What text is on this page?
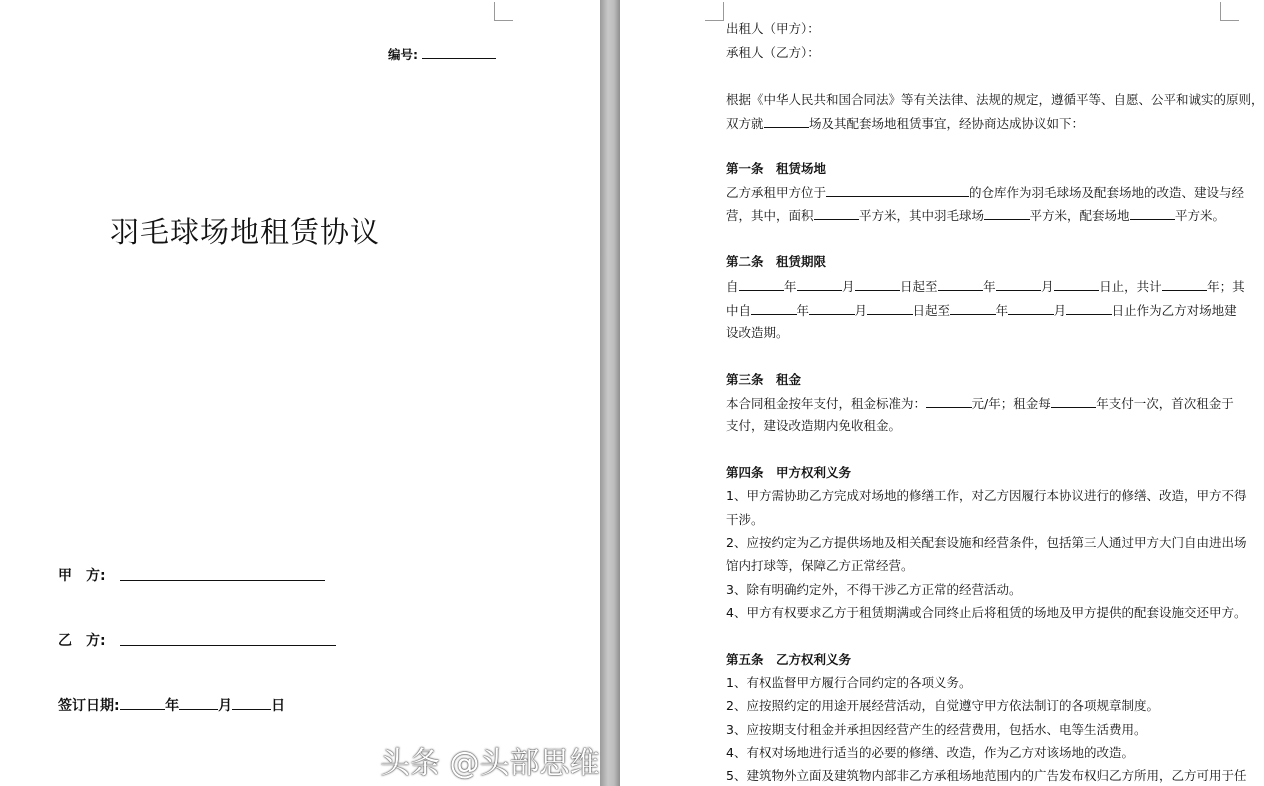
编号:
羽毛球场地租赁协议
甲　方:
乙　方:
签订日期:	年	月	日
出租人（甲方）：
承租人（乙方）：
根据《中华人民共和国合同法》等有关法律、法规的规定，遵循平等、自愿、公平和诚实的原则，
双方就	场及其配套场地租赁事宜，经协商达成协议如下：
第一条　租赁场地
乙方承租甲方位于	的仓库作为羽毛球场及配套场地的改造、建设与经
营，其中，面积	平方米，其中羽毛球场	平方米，配套场地	平方米。
第二条　租赁期限
自	年	月	日起至	年	月	日止，共计	年；其
中自	年	月	日起至	年	月	日止作为乙方对场地建
设改造期。
第三条　租金
本合同租金按年支付，租金标准为：	元/年；租金每	年支付一次，首次租金于
支付，建设改造期内免收租金。
第四条　甲方权利义务
1、甲方需协助乙方完成对场地的修缮工作，对乙方因履行本协议进行的修缮、改造，甲方不得
干涉。
2、应按约定为乙方提供场地及相关配套设施和经营条件，包括第三人通过甲方大门自由进出场
馆内打球等，保障乙方正常经营。
3、除有明确约定外，不得干涉乙方正常的经营活动。
4、甲方有权要求乙方于租赁期满或合同终止后将租赁的场地及甲方提供的配套设施交还甲方。
第五条　乙方权利义务
1、有权监督甲方履行合同约定的各项义务。
2、应按照约定的用途开展经营活动，自觉遵守甲方依法制订的各项规章制度。
3、应按期支付租金并承担因经营产生的经营费用，包括水、电等生活费用。
4、有权对场地进行适当的必要的修缮、改造，作为乙方对该场地的改造。
5、建筑物外立面及建筑物内部非乙方承租场地范围内的广告发布权归乙方所用，乙方可用于任
头条 @头部思维
